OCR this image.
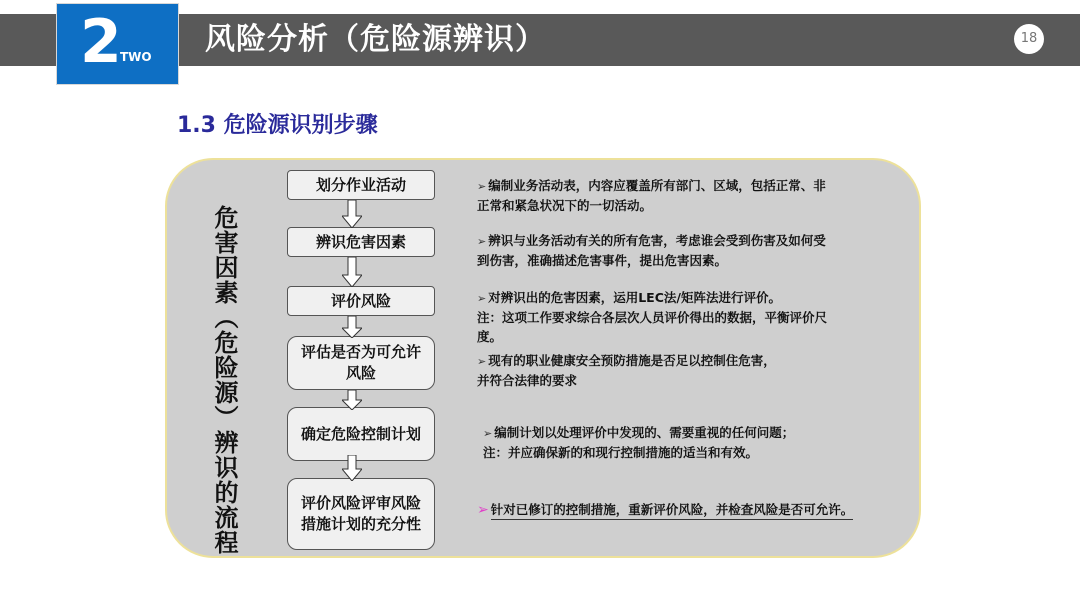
2
TWO 风险分析（危险源辨识）	18
1.3 危险源识别步骤
危害因素（危险源）辨识的流程
划分作业活动
辨识危害因素
评价风险
评估是否为可允许风险
确定危险控制计划
评价风险评审风险措施计划的充分性
➢ 编制业务活动表，内容应覆盖所有部门、区域，包括正常、非
正常和紧急状况下的一切活动。
➢ 辨识与业务活动有关的所有危害，考虑谁会受到伤害及如何受
到伤害，准确描述危害事件，提出危害因素。
➢ 对辨识出的危害因素，运用LEC法/矩阵法进行评价。
注：这项工作要求综合各层次人员评价得出的数据，平衡评价尺
度。
➢ 现有的职业健康安全预防措施是否足以控制住危害，
并符合法律的要求
➢ 编制计划以处理评价中发现的、需要重视的任何问题；
注：并应确保新的和现行控制措施的适当和有效。
➢ 针对已修订的控制措施，重新评价风险，并检查风险是否可允许。
